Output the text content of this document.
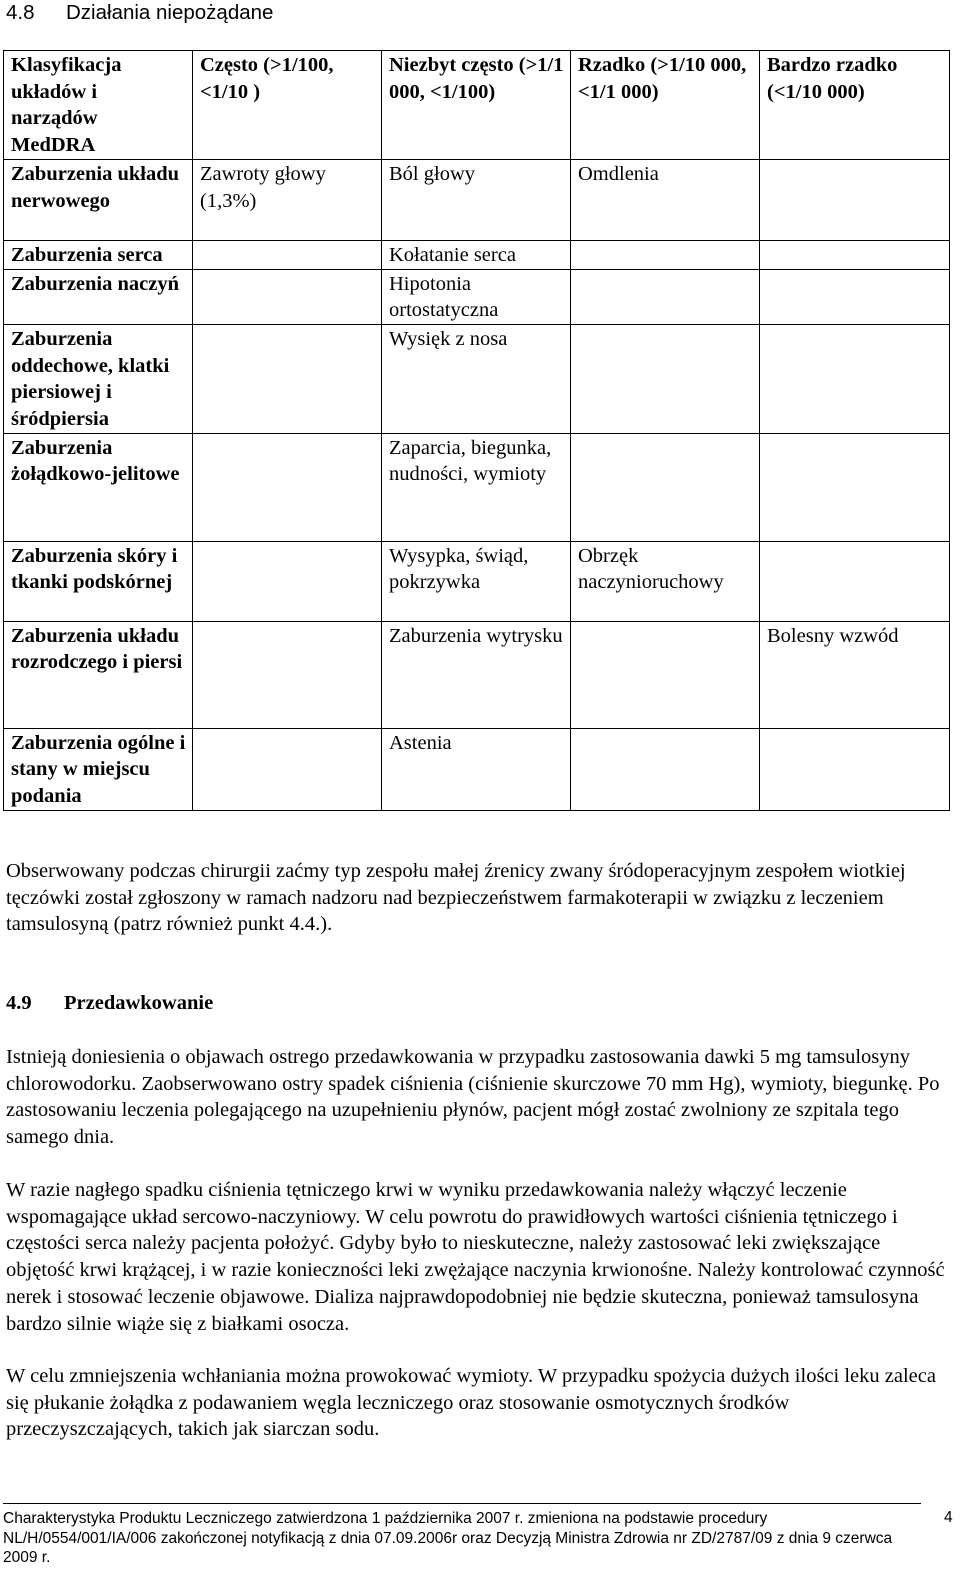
4.8 Działania niepożądane
Klasyfikacja układów i narządów MedDRA	Często (>1/100,<1/10 )	Niezbyt często (>1/1 000, <1/100)	Rzadko (>1/10 000, <1/1 000)	Bardzo rzadko (<1/10 000)
Zaburzenia układu nerwowego	Zawroty głowy (1,3%)	Ból głowy	Omdlenia	
Zaburzenia serca		Kołatanie serca		
Zaburzenia naczyń		Hipotonia ortostatyczna		
Zaburzenia oddechowe, klatki piersiowej i śródpiersia		Wysięk z nosa		
Zaburzenia żołądkowo-jelitowe		Zaparcia, biegunka, nudności, wymioty		
Zaburzenia skóry i tkanki podskórnej		Wysypka, świąd, pokrzywka	Obrzęk naczynioruchowy	
Zaburzenia układu rozrodczego i piersi		Zaburzenia wytrysku		Bolesny wzwód
Zaburzenia ogólne i stany w miejscu podania		Astenia		

Obserwowany podczas chirurgii zaćmy typ zespołu małej źrenicy zwany śródoperacyjnym zespołem wiotkiej tęczówki został zgłoszony w ramach nadzoru nad bezpieczeństwem farmakoterapii w związku z leczeniem tamsulosyną (patrz również punkt 4.4.).

4.9 Przedawkowanie

Istnieją doniesienia o objawach ostrego przedawkowania w przypadku zastosowania dawki 5 mg tamsulosyny chlorowodorku. Zaobserwowano ostry spadek ciśnienia (ciśnienie skurczowe 70 mm Hg), wymioty, biegunkę. Po zastosowaniu leczenia polegającego na uzupełnieniu płynów, pacjent mógł zostać zwolniony ze szpitala tego samego dnia.

W razie nagłego spadku ciśnienia tętniczego krwi w wyniku przedawkowania należy włączyć leczenie wspomagające układ sercowo-naczyniowy. W celu powrotu do prawidłowych wartości ciśnienia tętniczego i częstości serca należy pacjenta położyć. Gdyby było to nieskuteczne, należy zastosować leki zwiększające objętość krwi krążącej, i w razie konieczności leki zwężające naczynia krwionośne. Należy kontrolować czynność nerek i stosować leczenie objawowe. Dializa najprawdopodobniej nie będzie skuteczna, ponieważ tamsulosyna bardzo silnie wiąże się z białkami osocza.

W celu zmniejszenia wchłaniania można prowokować wymioty. W przypadku spożycia dużych ilości leku zaleca się płukanie żołądka z podawaniem węgla leczniczego oraz stosowanie osmotycznych środków przeczyszczających, takich jak siarczan sodu.

Charakterystyka Produktu Leczniczego zatwierdzona 1 października 2007 r. zmieniona na podstawie procedury NL/H/0554/001/IA/006 zakończonej notyfikacją z dnia 07.09.2006r oraz Decyzją Ministra Zdrowia nr ZD/2787/09 z dnia 9 czerwca 2009 r.
4
